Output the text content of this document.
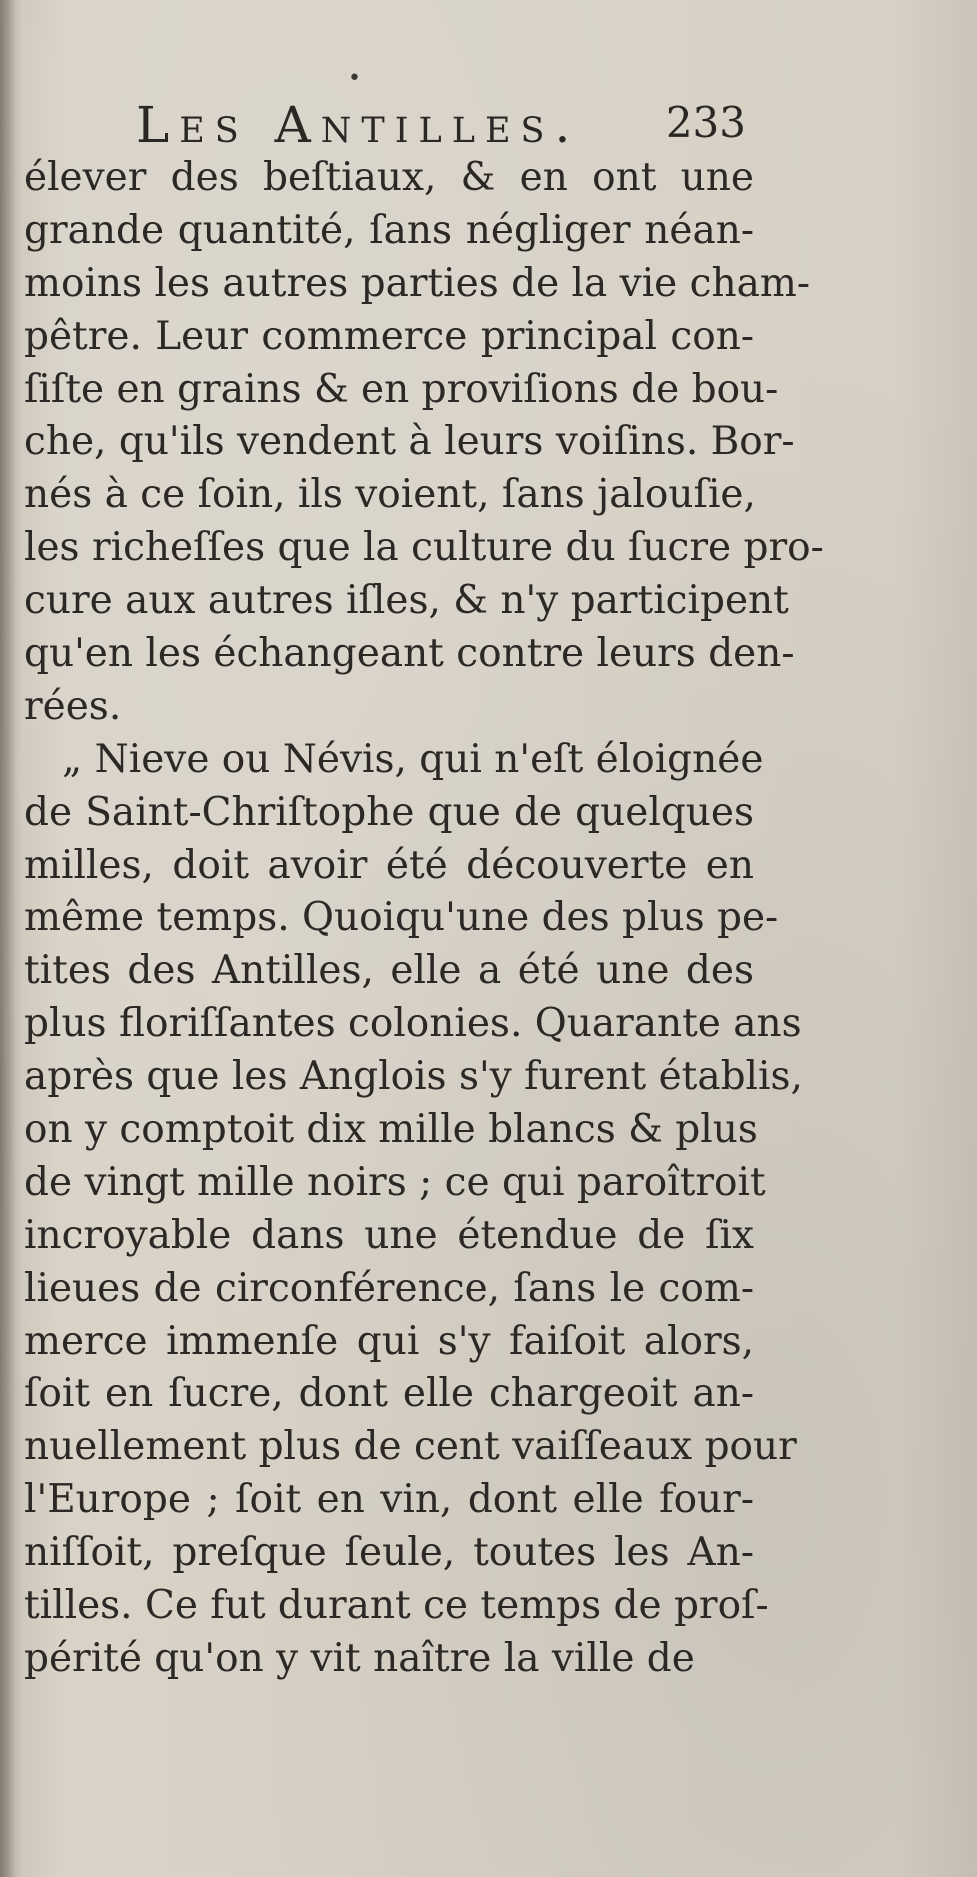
•
Les Antilles. 233
élever des beſtiaux, & en ont une
grande quantité, ſans négliger néan-
moins les autres parties de la vie cham-
pêtre. Leur commerce principal con-
ſiſte en grains & en proviſions de bou-
che, qu'ils vendent à leurs voiſins. Bor-
nés à ce ſoin, ils voient, ſans jalouſie,
les richeſſes que la culture du ſucre pro-
cure aux autres iſles, & n'y participent
qu'en les échangeant contre leurs den-
rées.
„ Nieve ou Névis, qui n'eſt éloignée
de Saint-Chriſtophe que de quelques
milles, doit avoir été découverte en
même temps. Quoiqu'une des plus pe-
tites des Antilles, elle a été une des
plus floriſſantes colonies. Quarante ans
après que les Anglois s'y furent établis,
on y comptoit dix mille blancs & plus
de vingt mille noirs ; ce qui paroîtroit
incroyable dans une étendue de ſix
lieues de circonférence, ſans le com-
merce immenſe qui s'y faiſoit alors,
ſoit en ſucre, dont elle chargeoit an-
nuellement plus de cent vaiſſeaux pour
l'Europe ; ſoit en vin, dont elle four-
niſſoit, preſque ſeule, toutes les An-
tilles. Ce fut durant ce temps de proſ-
périté qu'on y vit naître la ville de
